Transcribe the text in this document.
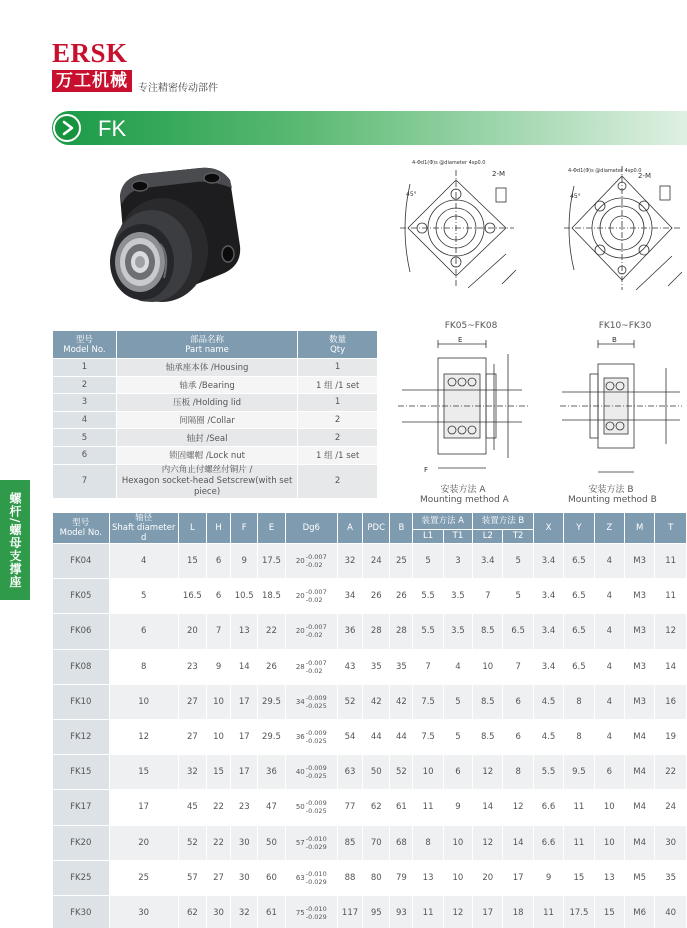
ERSK
万工机械	专注精密传动部件
FK
螺杆/螺母支撑座
4-Φd1(Φ)s @diameter 4sp0.0
2-M
45°
FK05~FK08
4-Φd1(Φ)s @diameter 4sp0.0
2-M
45°
FK10~FK30
型号
Model No.	部品名称
Part name	数量
Qty
1	轴承座本体 /Housing	1
2	轴承 /Bearing	1 组 /1 set
3	压板 /Holding lid	1
4	间隔圈 /Collar	2
5	轴封 /Seal	2
6	锁固螺帽 /Lock nut	1 组 /1 set
7	内六角止付螺丝付铜片 /
Hexagon socket-head Setscrew(with set piece)	2
F
E
安装方法 A
Mounting method A
B
安装方法 B
Mounting method B
型号
Model No.	轴径
Shaft diameter d	L	H	F	E	Dg6	A	PDC	B	装置方法 A		装置方法 B		X	Y	Z	M	T
										L1	T1	L2	T2					
FK04	4	15	6	9	17.5	20 -0.007
-0.02	32	24	25	5	3	3.4	5	3.4	6.5	4	M3	11
FK05	5	16.5	6	10.5	18.5	20 -0.007
-0.02	34	26	26	5.5	3.5	7	5	3.4	6.5	4	M3	11
FK06	6	20	7	13	22	20 -0.007
-0.02	36	28	28	5.5	3.5	8.5	6.5	3.4	6.5	4	M3	12
FK08	8	23	9	14	26	28 -0.007
-0.02	43	35	35	7	4	10	7	3.4	6.5	4	M3	14
FK10	10	27	10	17	29.5	34 -0.009
-0.025	52	42	42	7.5	5	8.5	6	4.5	8	4	M3	16
FK12	12	27	10	17	29.5	36 -0.009
-0.025	54	44	44	7.5	5	8.5	6	4.5	8	4	M4	19
FK15	15	32	15	17	36	40 -0.009
-0.025	63	50	52	10	6	12	8	5.5	9.5	6	M4	22
FK17	17	45	22	23	47	50 -0.009
-0.025	77	62	61	11	9	14	12	6.6	11	10	M4	24
FK20	20	52	22	30	50	57 -0.010
-0.029	85	70	68	8	10	12	14	6.6	11	10	M4	30
FK25	25	57	27	30	60	63 -0.010
-0.029	88	80	79	13	10	20	17	9	15	13	M5	35
FK30	30	62	30	32	61	75 -0.010
-0.029	117	95	93	11	12	17	18	11	17.5	15	M6	40
